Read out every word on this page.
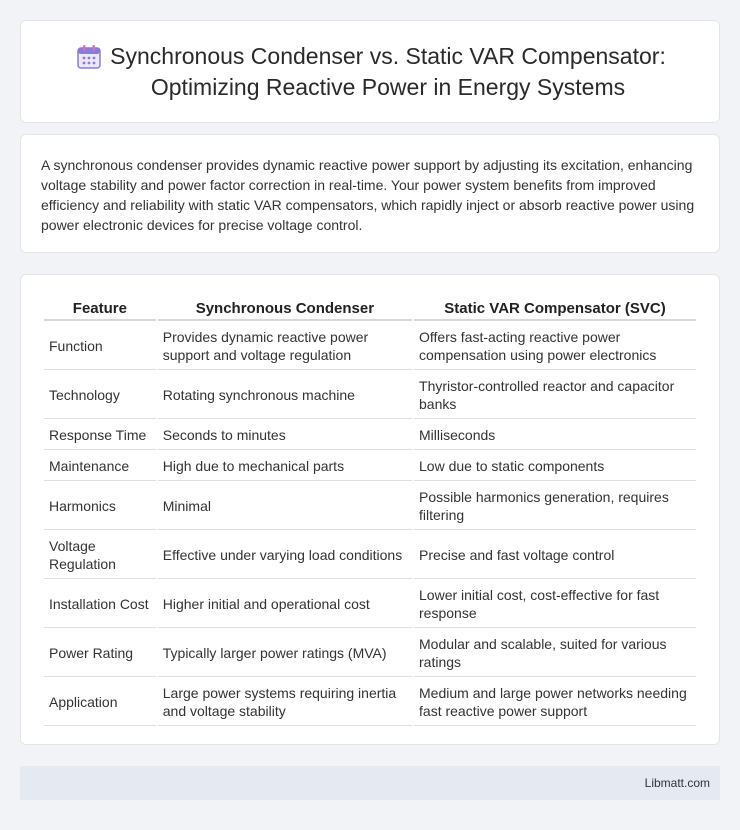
Synchronous Condenser vs. Static VAR Compensator:
Optimizing Reactive Power in Energy Systems

A synchronous condenser provides dynamic reactive power support by adjusting its excitation, enhancing voltage stability and power factor correction in real-time. Your power system benefits from improved efficiency and reliability with static VAR compensators, which rapidly inject or absorb reactive power using power electronic devices for precise voltage control.

Feature	Synchronous Condenser	Static VAR Compensator (SVC)
Function	Provides dynamic reactive power support and voltage regulation	Offers fast-acting reactive power compensation using power electronics
Technology	Rotating synchronous machine	Thyristor-controlled reactor and capacitor banks
Response Time	Seconds to minutes	Milliseconds
Maintenance	High due to mechanical parts	Low due to static components
Harmonics	Minimal	Possible harmonics generation, requires filtering
Voltage Regulation	Effective under varying load conditions	Precise and fast voltage control
Installation Cost	Higher initial and operational cost	Lower initial cost, cost-effective for fast response
Power Rating	Typically larger power ratings (MVA)	Modular and scalable, suited for various ratings
Application	Large power systems requiring inertia and voltage stability	Medium and large power networks needing fast reactive power support
Libmatt.com
